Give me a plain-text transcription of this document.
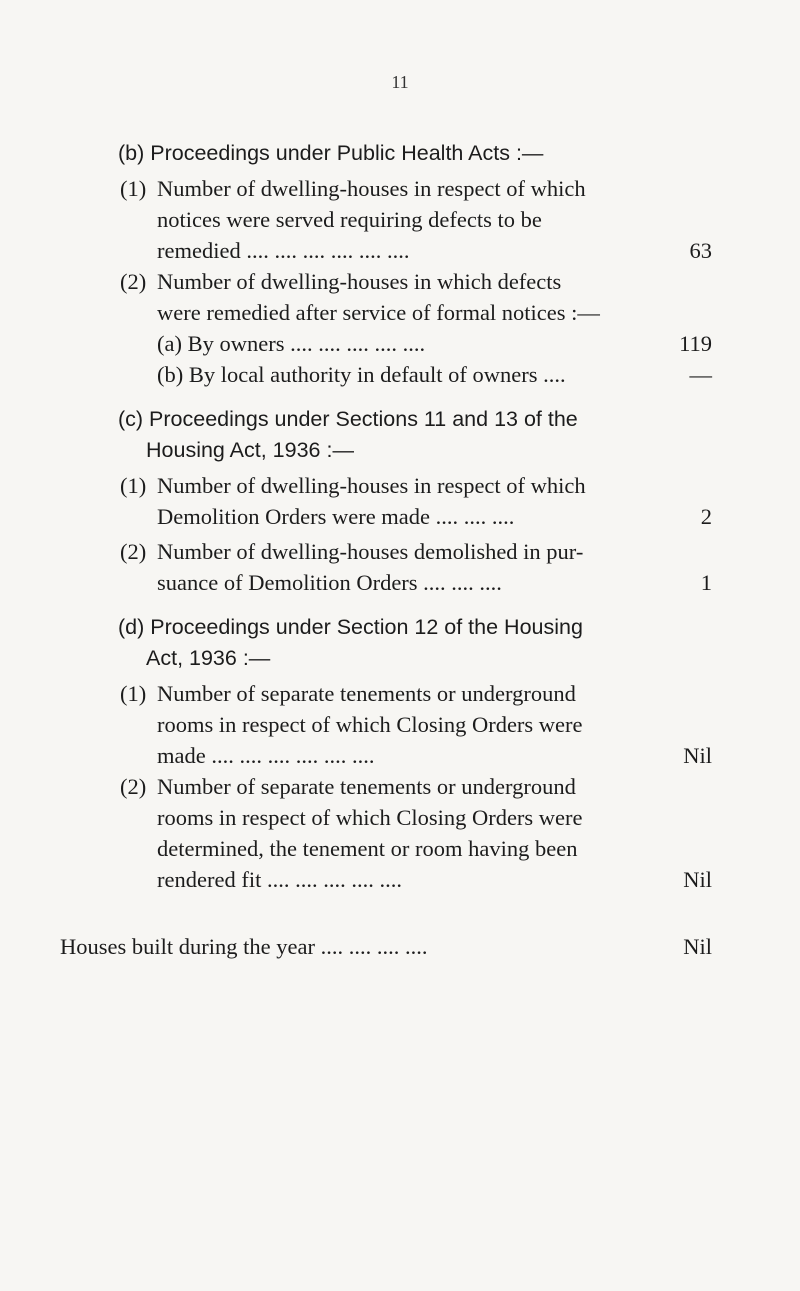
11
(b) Proceedings under Public Health Acts :—
(1) Number of dwelling-houses in respect of which
notices were served requiring defects to be
remedied .... .... .... .... .... ....	63
(2) Number of dwelling-houses in which defects
were remedied after service of formal notices :—
(a) By owners .... .... .... .... ....	119
(b) By local authority in default of owners ....	—
(c) Proceedings under Sections 11 and 13 of the
Housing Act, 1936 :—
(1) Number of dwelling-houses in respect of which
Demolition Orders were made .... .... ....	2
(2) Number of dwelling-houses demolished in pur-
suance of Demolition Orders .... .... ....	1
(d) Proceedings under Section 12 of the Housing
Act, 1936 :—
(1) Number of separate tenements or underground
rooms in respect of which Closing Orders were
made .... .... .... .... .... ....	Nil
(2) Number of separate tenements or underground
rooms in respect of which Closing Orders were
determined, the tenement or room having been
rendered fit .... .... .... .... ....	Nil
Houses built during the year .... .... .... ....	Nil
